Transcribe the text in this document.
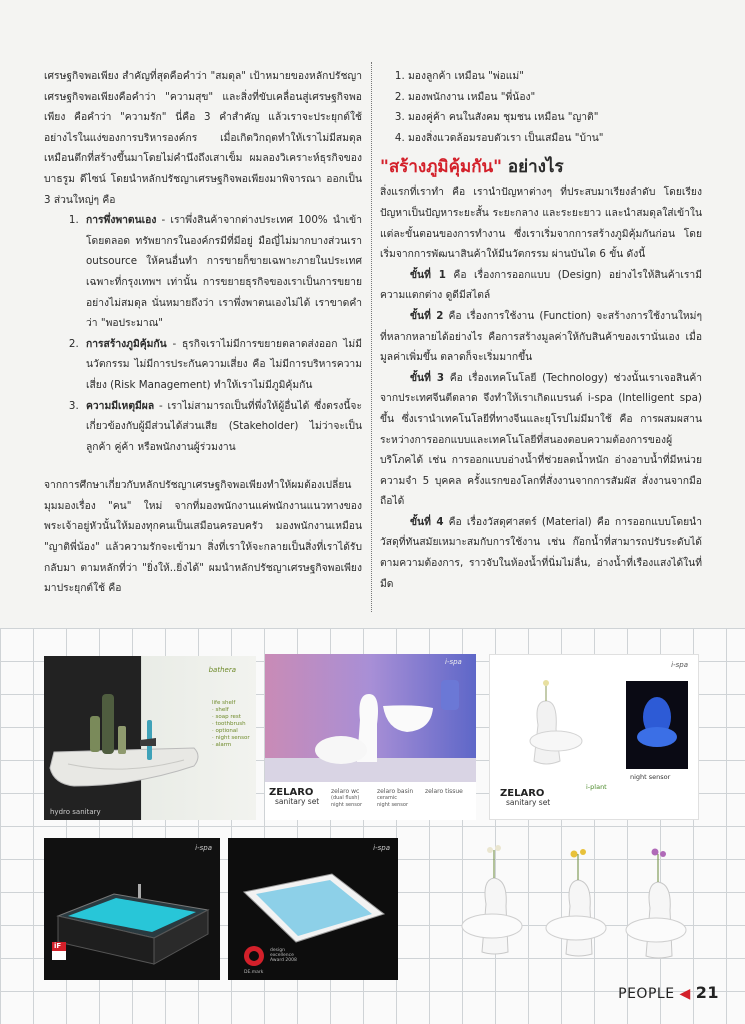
เศรษฐกิจพอเพียง สำคัญที่สุดคือคำว่า "สมดุล" เป้าหมายของหลักปรัชญาเศรษฐกิจพอเพียงคือคำว่า "ความสุข" และสิ่งที่ขับเคลื่อนสู่เศรษฐกิจพอเพียง คือคำว่า "ความรัก" นี่คือ 3 คำสำคัญ แล้วเราจะประยุกต์ใช้อย่างไรในแง่ของการบริหารองค์กร เมื่อเกิดวิกฤตทำให้เราไม่มีสมดุล เหมือนตึกที่สร้างขึ้นมาโดยไม่คำนึงถึงเสาเข็ม ผมลองวิเคราะห์ธุรกิจของบาธรูม ดีไซน์ โดยนำหลักปรัชญาเศรษฐกิจพอเพียงมาพิจารณา ออกเป็น 3 ส่วนใหญ่ๆ คือ

1. การพึ่งพาตนเอง - เราพึ่งสินค้าจากต่างประเทศ 100% นำเข้าโดยตลอด ทรัพยากรในองค์กรมีที่มีอยู่ มือญี่ไม่มากบางส่วนเรา outsource ให้คนอื่นทำ การขายก็ขายเฉพาะภายในประเทศเฉพาะที่กรุงเทพฯ เท่านั้น การขยายธุรกิจของเราเป็นการขยายอย่างไม่สมดุล นั่นหมายถึงว่า เราพึ่งพาตนเองไม่ได้ เราขาดคำว่า "พอประมาณ"
2. การสร้างภูมิคุ้มกัน - ธุรกิจเราไม่มีการขยายตลาดส่งออก ไม่มีนวัตกรรม ไม่มีการประกันความเสี่ยง คือ ไม่มีการบริหารความเสี่ยง (Risk Management) ทำให้เราไม่มีภูมิคุ้มกัน
3. ความมีเหตุมีผล - เราไม่สามารถเป็นที่พึ่งให้ผู้อื่นได้ ซึ่งตรงนี้จะเกี่ยวข้องกับผู้มีส่วนได้ส่วนเสีย (Stakeholder) ไม่ว่าจะเป็น ลูกค้า คู่ค้า หรือพนักงานผู้ร่วมงาน

จากการศึกษาเกี่ยวกับหลักปรัชญาเศรษฐกิจพอเพียงทำให้ผมต้องเปลี่ยนมุมมองเรื่อง "คน" ใหม่ จากที่มองพนักงานแค่พนักงานแนวทางของพระเจ้าอยู่หัวนั้นให้มองทุกคนเป็นเสมือนครอบครัว มองพนักงานเหมือน "ญาติพี่น้อง" แล้วความรักจะเข้ามา สิ่งที่เราให้จะกลายเป็นสิ่งที่เราได้รับกลับมา ตามหลักที่ว่า "ยิ่งให้..ยิ่งได้" ผมนำหลักปรัชญาเศรษฐกิจพอเพียงมาประยุกต์ใช้ คือ

1. มองลูกค้า เหมือน "พ่อแม่"
2. มองพนักงาน เหมือน "พี่น้อง"
3. มองคู่ค้า คนในสังคม ชุมชน เหมือน "ญาติ"
4. มองสิ่งแวดล้อมรอบตัวเรา เป็นเสมือน "บ้าน"
"สร้างภูมิคุ้มกัน" อย่างไร

สิ่งแรกที่เราทำ คือ เรานำปัญหาต่างๆ ที่ประสบมาเรียงลำดับ โดยเรียงปัญหาเป็นปัญหาระยะสั้น ระยะกลาง และระยะยาว และนำสมดุลใส่เข้าในแต่ละขั้นตอนของการทำงาน ซึ่งเราเริ่มจากการสร้างภูมิคุ้มกันก่อน โดยเริ่มจากการพัฒนาสินค้าให้มีนวัตกรรม ผ่านบันได 6 ขั้น ดังนี้

ขั้นที่ 1 คือ เรื่องการออกแบบ (Design) อย่างไรให้สินค้าเรามีความแตกต่าง ดูดีมีสไตล์

ขั้นที่ 2 คือ เรื่องการใช้งาน (Function) จะสร้างการใช้งานใหม่ๆ ที่หลากหลายได้อย่างไร คือการสร้างมูลค่าให้กับสินค้าของเรานั่นเอง เมื่อมูลค่าเพิ่มขึ้น ตลาดก็จะเริ่มมากขึ้น

ขั้นที่ 3 คือ เรื่องเทคโนโลยี (Technology) ช่วงนั้นเราเจอสินค้าจากประเทศจีนตีตลาด จึงทำให้เราเกิดแบรนด์ i-spa (Intelligent spa) ขึ้น ซึ่งเรานำเทคโนโลยีที่ทางจีนและยุโรปไม่มีมาใช้ คือ การผสมผสานระหว่างการออกแบบและเทคโนโลยีที่สนองตอบความต้องการของผู้บริโภคได้ เช่น การออกแบบอ่างน้ำที่ช่วยลดน้ำหนัก อ่างอาบน้ำที่มีหน่วยความจำ 5 บุคคล ครั้งแรกของโลกที่สั่งงานจากการสัมผัส สั่งงานจากมือถือได้

ขั้นที่ 4 คือ เรื่องวัสดุศาสตร์ (Material) คือ การออกแบบโดยนำวัสดุที่ทันสมัยเหมาะสมกับการใช้งาน เช่น ก๊อกน้ำที่สามารถปรับระดับได้ตามความต้องการ, ราวจับในห้องน้ำที่นิ่มไม่ลื่น, อ่างน้ำที่เรืองแสงได้ในที่มืด

bathera
hydro sanitary
life shelf
· shelf
· soap rest
· toothbrush
· optional
· night sensor
· alarm
i-spa
ZELARO
sanitary set
zelaro wc
(dual flush)
night sensor
zelaro basin
ceramic
night sensor
zelaro tissue
i-spa
ZELARO
sanitary set
i-plant
night sensor
i-spa
iF
i-spa
design
excellence
Award 2008
DE.mark
PEOPLE ◀ 21
